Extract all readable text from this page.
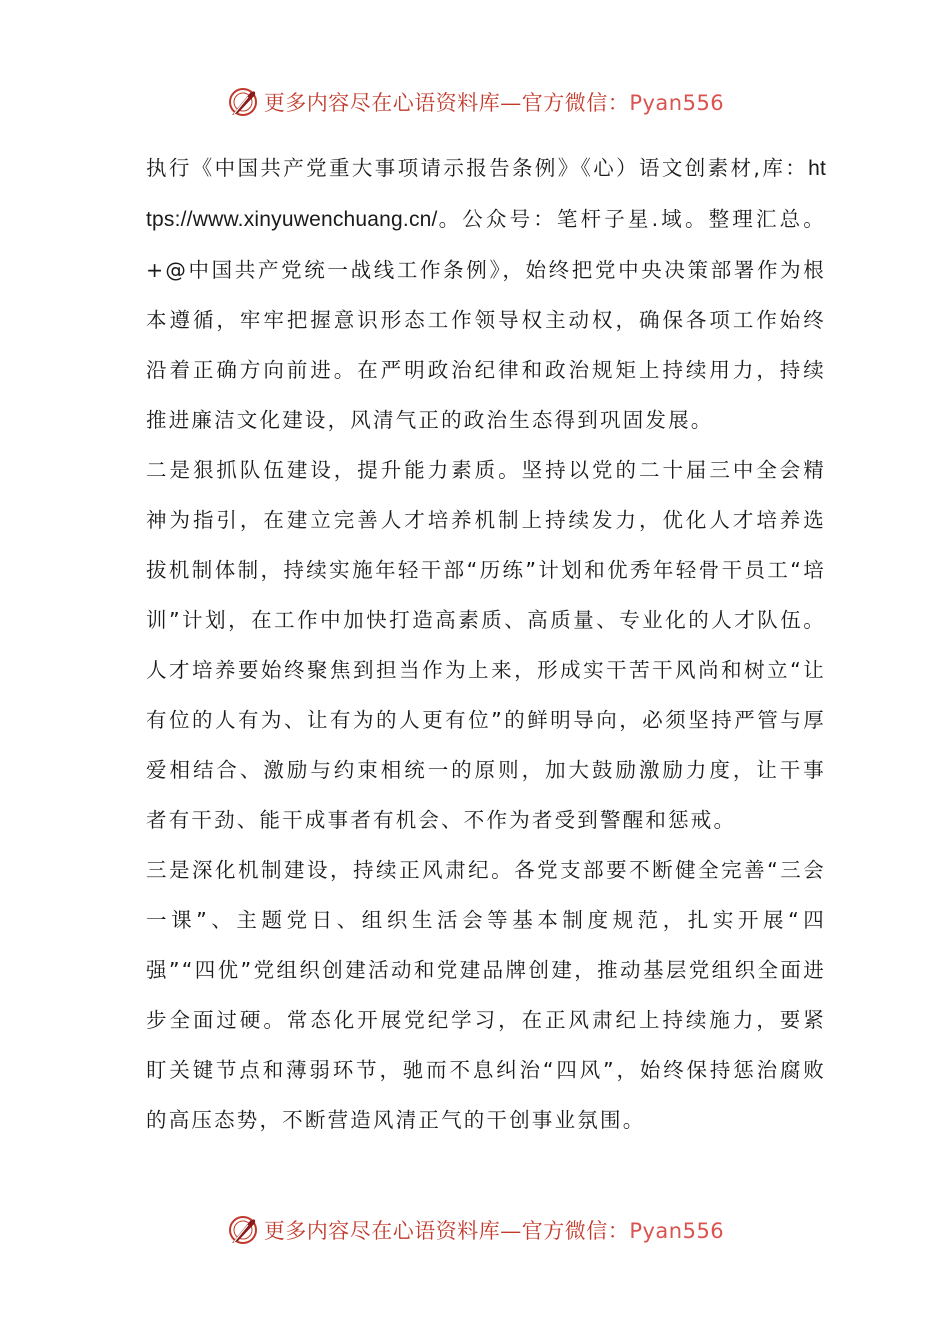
更多内容尽在心语资料库—官方微信：Pyan556

执行《中国共产党重大事项请示报告条例》《心）语文创素材,库：https://www.xinyuwenchuang.cn/。公众号：笔杆子星.域。整理汇总。+@中国共产党统一战线工作条例》，始终把党中央决策部署作为根本遵循，牢牢把握意识形态工作领导权主动权，确保各项工作始终沿着正确方向前进。在严明政治纪律和政治规矩上持续用力，持续推进廉洁文化建设，风清气正的政治生态得到巩固发展。

二是狠抓队伍建设，提升能力素质。坚持以党的二十届三中全会精神为指引，在建立完善人才培养机制上持续发力，优化人才培养选拔机制体制，持续实施年轻干部“历练”计划和优秀年轻骨干员工“培训”计划，在工作中加快打造高素质、高质量、专业化的人才队伍。人才培养要始终聚焦到担当作为上来，形成实干苦干风尚和树立“让有位的人有为、让有为的人更有位”的鲜明导向，必须坚持严管与厚爱相结合、激励与约束相统一的原则，加大鼓励激励力度，让干事者有干劲、能干成事者有机会、不作为者受到警醒和惩戒。

三是深化机制建设，持续正风肃纪。各党支部要不断健全完善“三会一课”、主题党日、组织生活会等基本制度规范，扎实开展“四强”“四优”党组织创建活动和党建品牌创建，推动基层党组织全面进步全面过硬。常态化开展党纪学习，在正风肃纪上持续施力，要紧盯关键节点和薄弱环节，驰而不息纠治“四风”，始终保持惩治腐败的高压态势，不断营造风清正气的干创事业氛围。

更多内容尽在心语资料库—官方微信：Pyan556
